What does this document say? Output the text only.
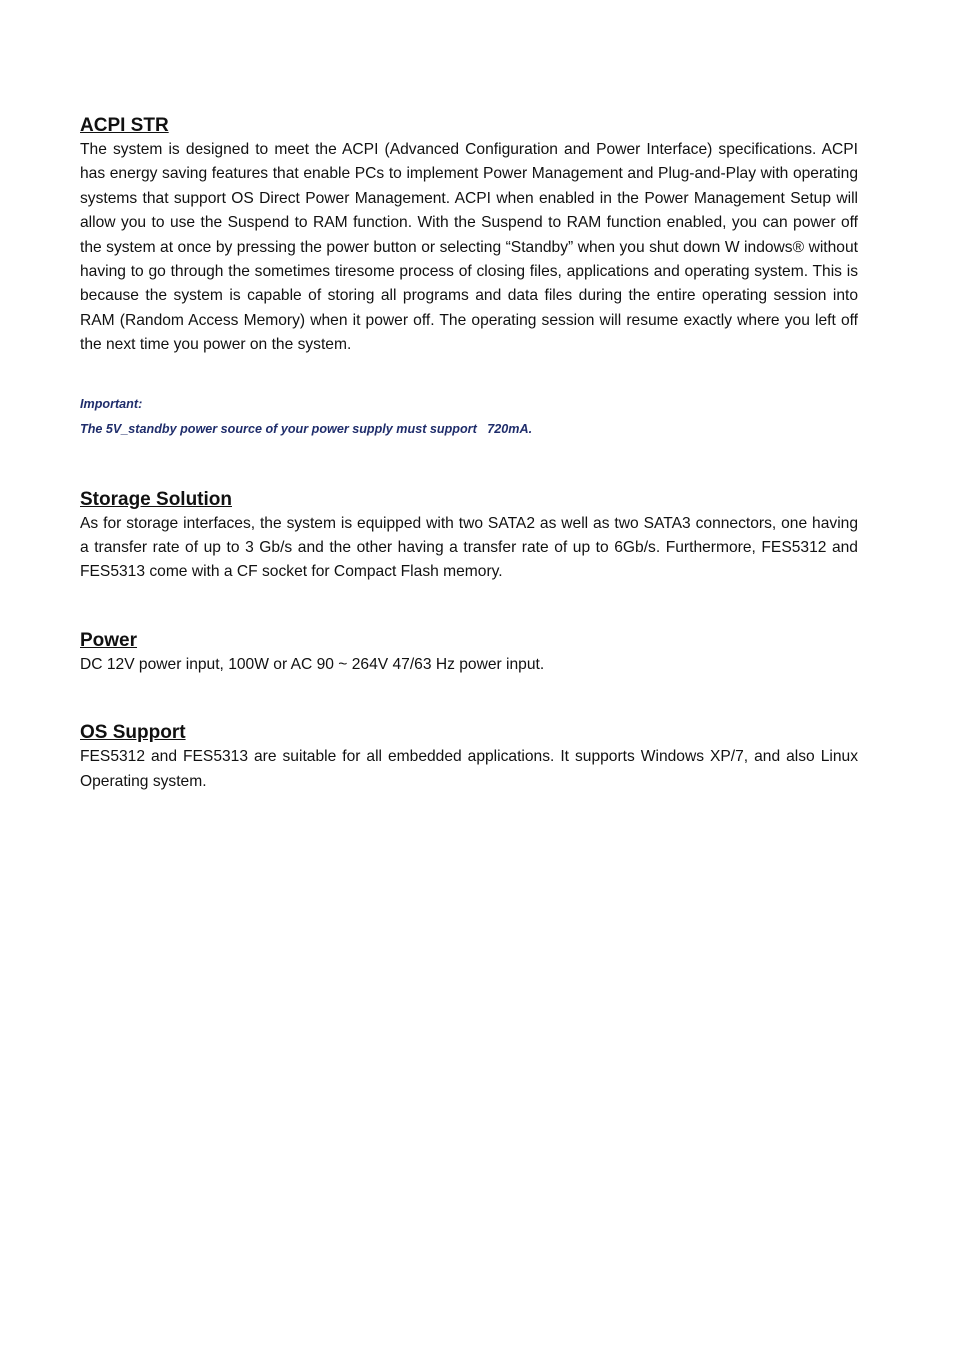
ACPI STR

The system is designed to meet the ACPI (Advanced Configuration and Power Interface) specifications. ACPI has energy saving features that enable PCs to implement Power Management and Plug-and-Play with operating systems that support OS Direct Power Management. ACPI when enabled in the Power Management Setup will allow you to use the Suspend to RAM function. With the Suspend to RAM function enabled, you can power off the system at once by pressing the power button or selecting “Standby” when you shut down W indows® without having to go through the sometimes tiresome process of closing files, applications and operating system. This is because the system is capable of storing all programs and data files during the entire operating session into RAM (Random Access Memory) when it power off. The operating session will resume exactly where you left off the next time you power on the system.

Important:

The 5V_standby power source of your power supply must support   720mA.

Storage Solution

As for storage interfaces, the system is equipped with two SATA2 as well as two SATA3 connectors, one having a transfer rate of up to 3 Gb/s and the other having a transfer rate of up to 6Gb/s. Furthermore, FES5312 and FES5313 come with a CF socket for Compact Flash memory.

Power

DC 12V power input, 100W or AC 90 ~ 264V 47/63 Hz power input.

OS Support

FES5312 and FES5313 are suitable for all embedded applications. It supports Windows XP/7, and also Linux Operating system.
